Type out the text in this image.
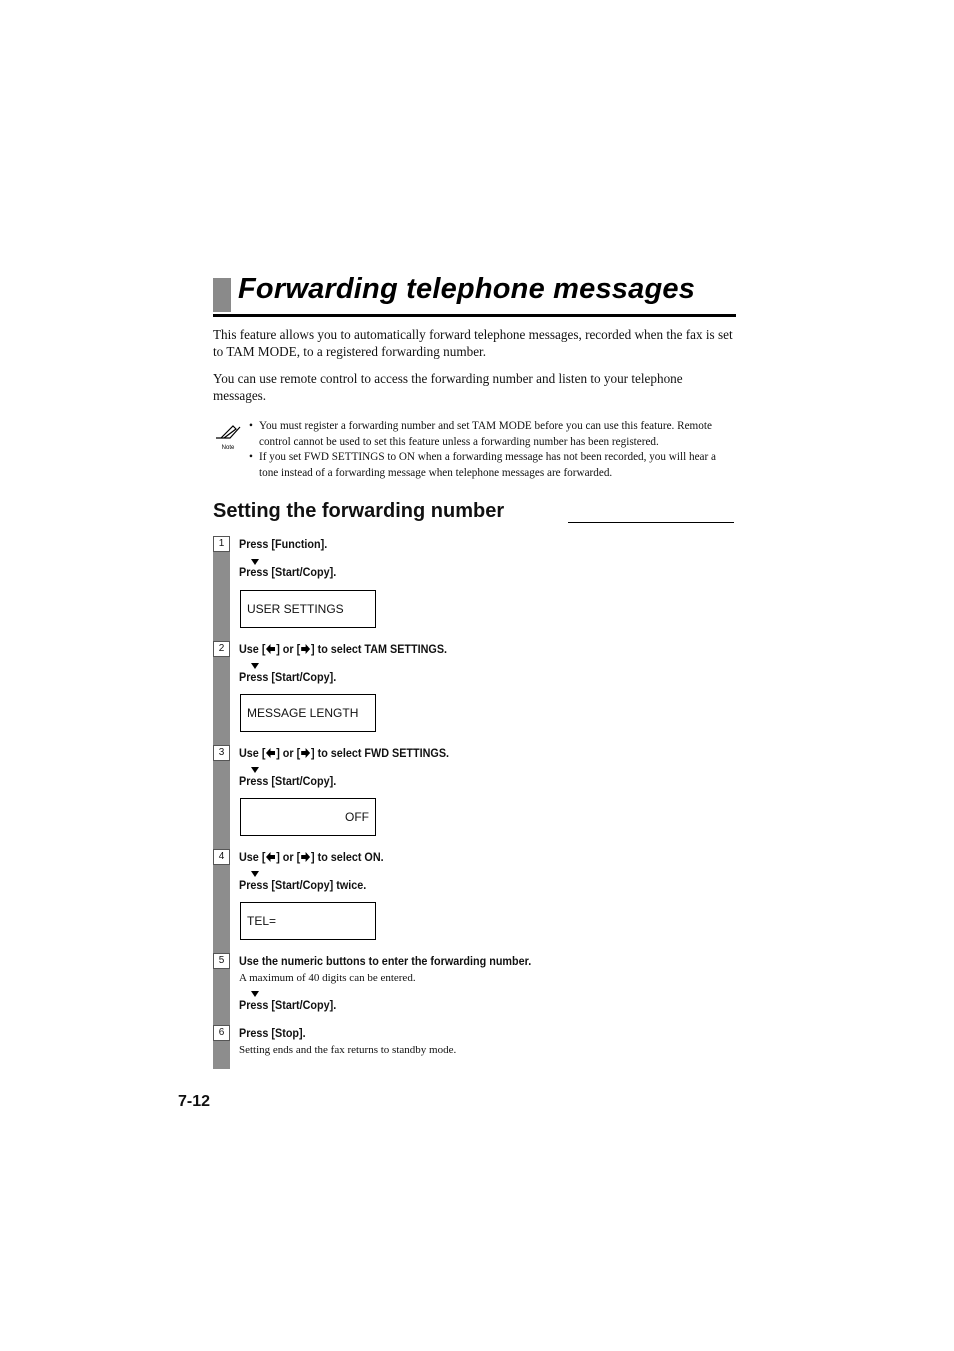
Forwarding telephone messages

This feature allows you to automatically forward telephone messages, recorded when the fax is set to TAM MODE, to a registered forwarding number.

You can use remote control to access the forwarding number and listen to your telephone messages.

Note
• You must register a forwarding number and set TAM MODE before you can use this feature. Remote control cannot be used to set this feature unless a forwarding number has been registered.
• If you set FWD SETTINGS to ON when a forwarding message has not been recorded, you will hear a tone instead of a forwarding message when telephone messages are forwarded.
Setting the forwarding number
1	Press [Function].

Press [Start/Copy].

USER SETTINGS
2	Use [ ] or [ ] to select TAM SETTINGS.

Press [Start/Copy].

MESSAGE LENGTH
3	Use [ ] or [ ] to select FWD SETTINGS.

Press [Start/Copy].

OFF
4	Use [ ] or [ ] to select ON.

Press [Start/Copy] twice.

TEL=
5	Use the numeric buttons to enter the forwarding number.

A maximum of 40 digits can be entered.

Press [Start/Copy].

6	Press [Stop].

Setting ends and the fax returns to standby mode.

7-12
